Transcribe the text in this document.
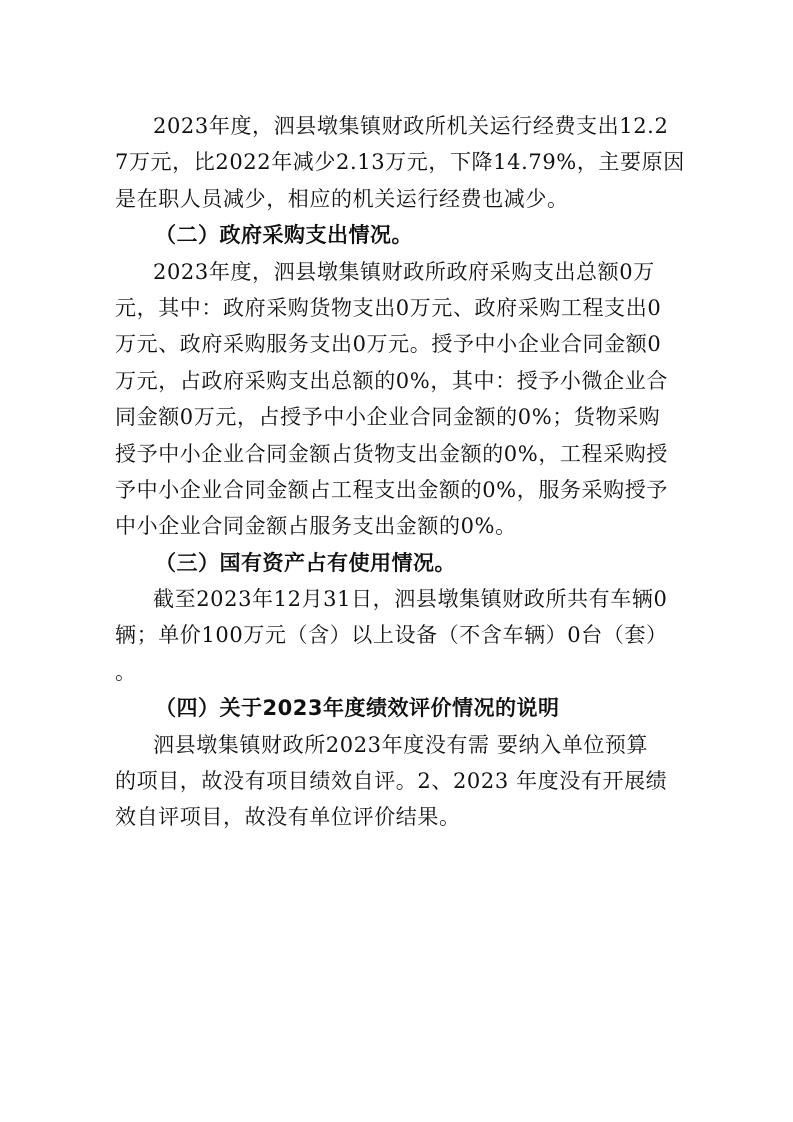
2023年度，泗县墩集镇财政所机关运行经费支出12.2
7万元，比2022年减少2.13万元，下降14.79%，主要原因
是在职人员减少，相应的机关运行经费也减少。
（二）政府采购支出情况。
2023年度，泗县墩集镇财政所政府采购支出总额0万
元，其中：政府采购货物支出0万元、政府采购工程支出0
万元、政府采购服务支出0万元。授予中小企业合同金额0
万元，占政府采购支出总额的0%，其中：授予小微企业合
同金额0万元，占授予中小企业合同金额的0%；货物采购
授予中小企业合同金额占货物支出金额的0%，工程采购授
予中小企业合同金额占工程支出金额的0%，服务采购授予
中小企业合同金额占服务支出金额的0%。
（三）国有资产占有使用情况。
截至2023年12月31日，泗县墩集镇财政所共有车辆0
辆；单价100万元（含）以上设备（不含车辆）0台（套）
。
（四）关于2023年度绩效评价情况的说明
泗县墩集镇财政所2023年度没有需 要纳入单位预算
的项目，故没有项目绩效自评。2、2023 年度没有开展绩
效自评项目，故没有单位评价结果。
